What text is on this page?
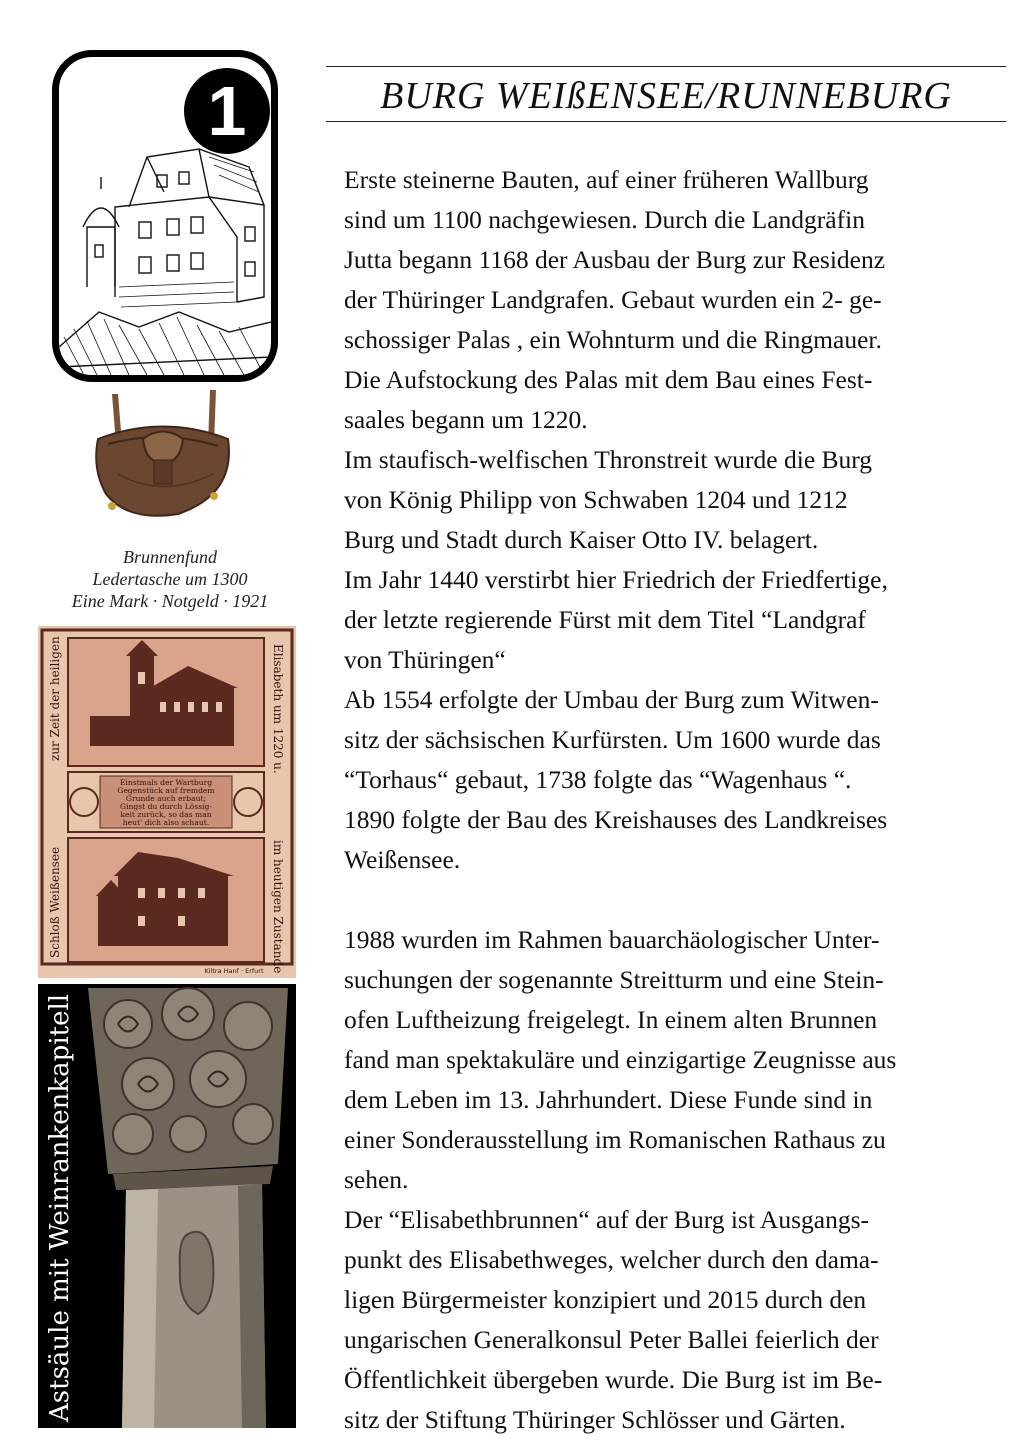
1
Brunnenfund
Ledertasche um 1300
Eine Mark · Notgeld · 1921
Einstmals der Wartburg
Gegenstück auf fremdem
Grunde auch erbaut;
Gingst du durch Lössig-
keit zurück, so das man
heut' dich also schaut.
zur Zeit der heiligen	Elisabeth um 1220 u.
Schloß Weißensee	im heutigen Zustande
Kiltra Hanf · Erfurt
Astsäule mit Weinrankenkapitell
BURG WEIßENSEE/RUNNEBURG
Erste steinerne Bauten, auf einer früheren Wallburg
sind um 1100 nachgewiesen. Durch die Landgräfin
Jutta begann 1168 der Ausbau der Burg zur Residenz
der Thüringer Landgrafen. Gebaut wurden ein 2- ge-
schossiger Palas , ein Wohnturm und die Ringmauer.
Die Aufstockung des Palas mit dem Bau eines Fest-
saales begann um 1220.
Im staufisch-welfischen Thronstreit wurde die Burg
von König Philipp von Schwaben 1204 und 1212
Burg und Stadt durch Kaiser Otto IV. belagert.
Im Jahr 1440 verstirbt hier Friedrich der Friedfertige,
der letzte regierende Fürst mit dem Titel “Landgraf
von Thüringen“
Ab 1554 erfolgte der Umbau der Burg zum Witwen-
sitz der sächsischen Kurfürsten. Um 1600 wurde das
“Torhaus“ gebaut, 1738 folgte das “Wagenhaus “.
1890 folgte der Bau des Kreishauses des Landkreises
Weißensee.
1988 wurden im Rahmen bauarchäologischer Unter-
suchungen der sogenannte Streitturm und eine Stein-
ofen Luftheizung freigelegt. In einem alten Brunnen
fand man spektakuläre und einzigartige Zeugnisse aus
dem Leben im 13. Jahrhundert. Diese Funde sind in
einer Sonderausstellung im Romanischen Rathaus zu
sehen.
Der “Elisabethbrunnen“ auf der Burg ist Ausgangs-
punkt des Elisabethweges, welcher durch den dama-
ligen Bürgermeister konzipiert und 2015 durch den
ungarischen Generalkonsul Peter Ballei feierlich der
Öffentlichkeit übergeben wurde. Die Burg ist im Be-
sitz der Stiftung Thüringer Schlösser und Gärten.
